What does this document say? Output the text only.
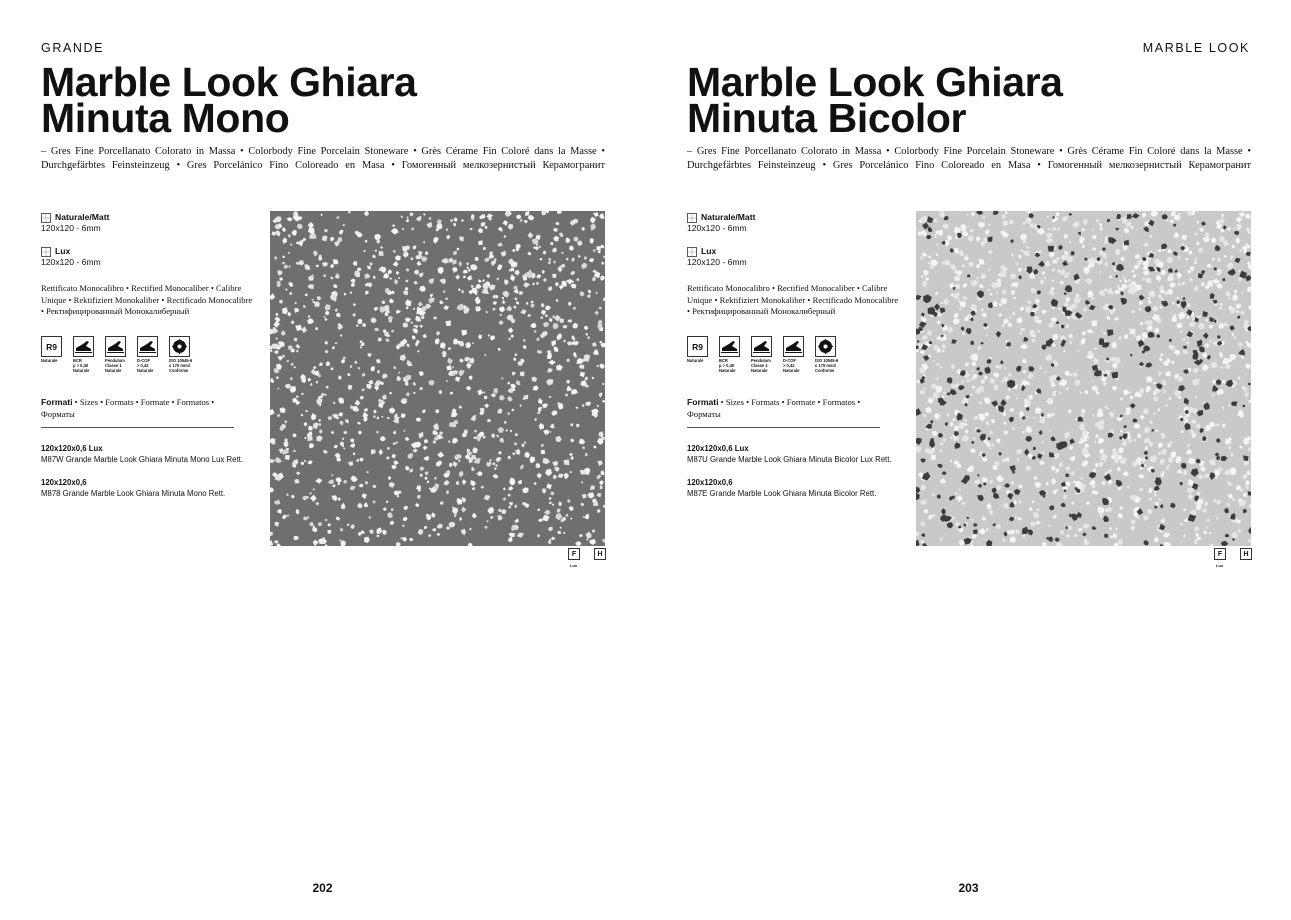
GRANDE
Marble Look Ghiara
Minuta Mono

– Gres Fine Porcellanato Colorato in Massa • Colorbody Fine Porcelain Stoneware • Grès Cérame Fin Coloré dans la Masse • Durchgefärbtes Feinsteinzeug • Gres Porcelánico Fino Coloreado en Masa • Гомогенный мелкозернистый Керамогранит

Naturale/Matt
120x120 - 6mm
Lux
120x120 - 6mm

Rettificato Monocalibro • Rectified Monocaliber • Calibre Unique • Rektifiziert Monokaliber • Rectificado Monocalibre • Ректифицированный Монокалиберный

R9
Naturale	BCR
μ > 0,40
Naturale
Pendulum
Classe 1
Naturale
D-COF
> 0,42
Naturale
ISO 10545-6
≤ 175 mm3
Conforme

Formati • Sizes • Formats • Formate • Formatos • Форматы

120x120x0,6 Lux
M87W Grande Marble Look Ghiara Minuta Mono Lux Rett.
120x120x0,6
M878 Grande Marble Look Ghiara Minuta Mono Rett.
F	H
Lux
202
MARBLE LOOK
Marble Look Ghiara
Minuta Bicolor

– Gres Fine Porcellanato Colorato in Massa • Colorbody Fine Porcelain Stoneware • Grès Cérame Fin Coloré dans la Masse • Durchgefärbtes Feinsteinzeug • Gres Porcelánico Fino Coloreado en Masa • Гомогенный мелкозернистый Керамогранит

Naturale/Matt
120x120 - 6mm
Lux
120x120 - 6mm

Rettificato Monocalibro • Rectified Monocaliber • Calibre Unique • Rektifiziert Monokaliber • Rectificado Monocalibre • Ректифицированный Монокалиберный

R9
Naturale	BCR
μ > 0,40
Naturale
Pendulum
Classe 1
Naturale
D-COF
> 0,42
Naturale
ISO 10545-6
≤ 175 mm3
Conforme

Formati • Sizes • Formats • Formate • Formatos • Форматы

120x120x0,6 Lux
M87U Grande Marble Look Ghiara Minuta Bicolor Lux Rett.
120x120x0,6
M87E Grande Marble Look Ghiara Minuta Bicolor Rett.
F	H
Lux
203
